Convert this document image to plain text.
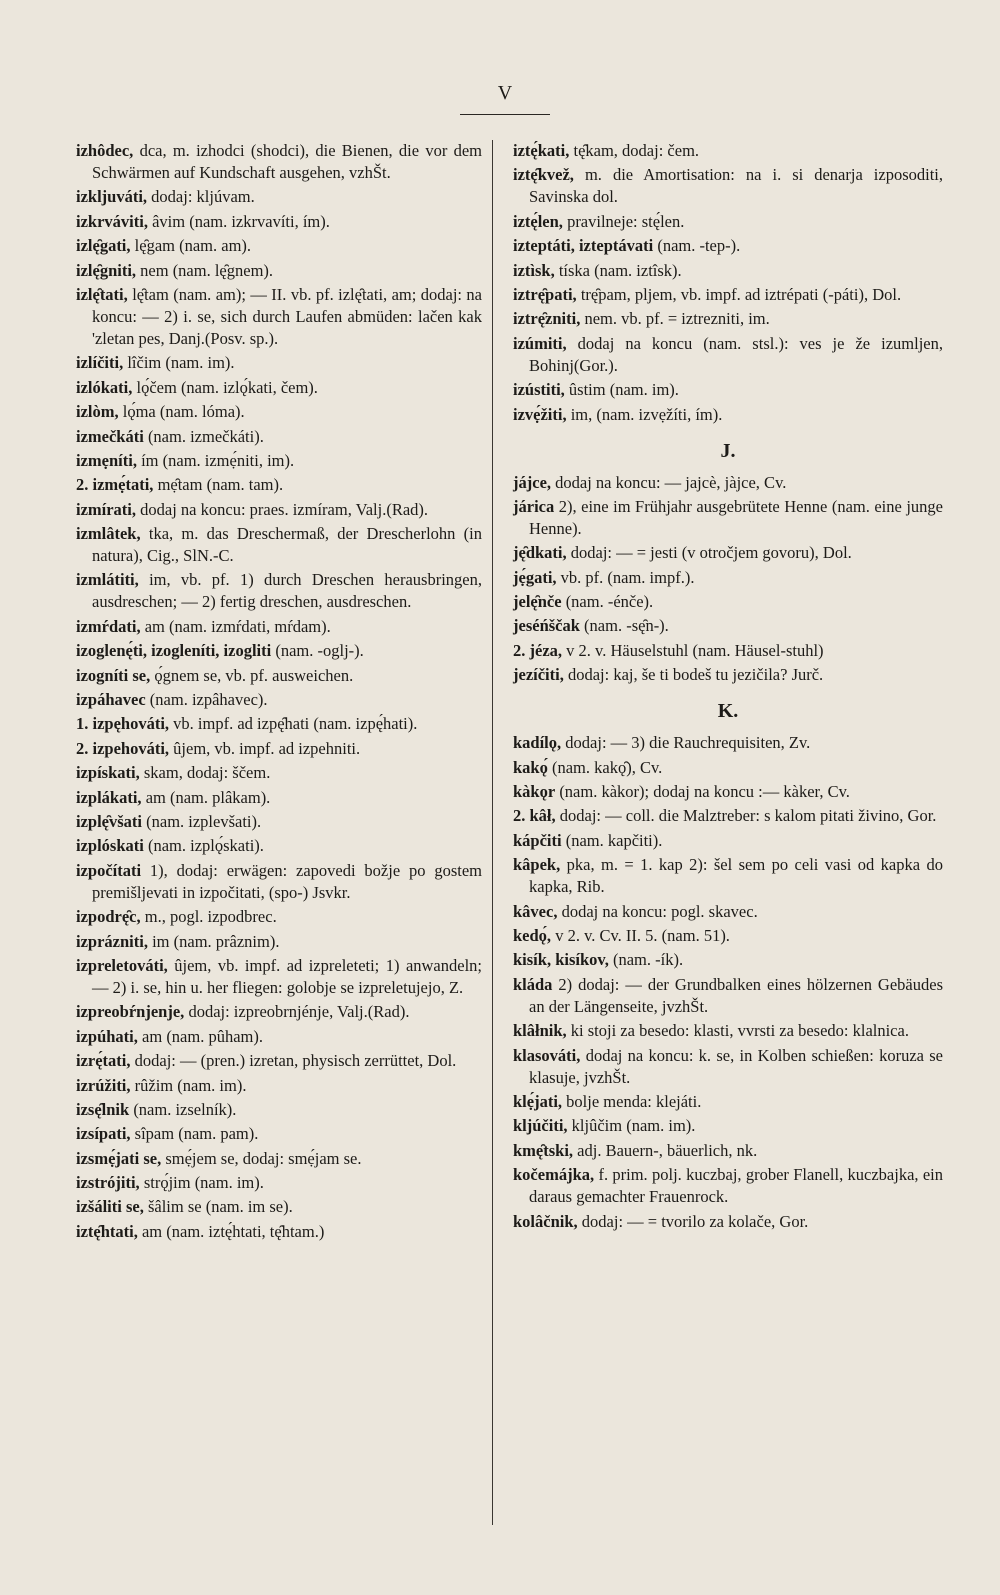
V

izhôdec, dca, m. izhodci (shodci), die Bienen, die vor dem Schwärmen auf Kundschaft ausgehen, vzhŠt.

izkljuváti, dodaj: kljúvam.

izkrváviti, âvim (nam. izkrvavíti, ím).

izlę̑gati, lę̑gam (nam. am).

izlę̑gniti, nem (nam. lę̑gnem).

izlę̑tati, lę̑tam (nam. am); — II. vb. pf. izlę̑tati, am; dodaj: na koncu: — 2) i. se, sich durch Laufen abmüden: lačen kak 'zletan pes, Danj.(Posv. sp.).

izlíčiti, lîčim (nam. im).

izlókati, lǫ́čem (nam. izlǫ́kati, čem).

izlòm, lǫ́ma (nam. lóma).

izmečkáti (nam. izmečkáti).

izmẹníti, ím (nam. izmẹ́niti, im).

2. izmẹ́tati, mẹ̑tam (nam. tam).

izmírati, dodaj na koncu: praes. izmíram, Valj.(Rad).

izmlâtek, tka, m. das Dreschermaß, der Drescherlohn (in natura), Cig., SlN.-C.

izmlátiti, im, vb. pf. 1) durch Dreschen herausbringen, ausdreschen; — 2) fertig dreschen, ausdreschen.

izmŕdati, am (nam. izmŕdati, mŕdam).

izoglenę́ti, izogleníti, izogliti (nam. -oglj-).

izogníti se, ǫ́gnem se, vb. pf. ausweichen.

izpáhavec (nam. izpâhavec).

1. izpęhováti, vb. impf. ad izpę̑hati (nam. izpę́hati).

2. izpehováti, ûjem, vb. impf. ad izpehniti.

izpískati, skam, dodaj: ščem.

izplákati, am (nam. plâkam).

izplę̑všati (nam. izplevšati).

izplóskati (nam. izplǫ́skati).

izpočítati 1), dodaj: erwägen: zapovedi božje po gostem premišljevati in izpočitati, (spo-) Jsvkr.

izpodrę̑c, m., pogl. izpodbrec.

izprázniti, im (nam. prâznim).

izpreletováti, ûjem, vb. impf. ad izpreleteti; 1) anwandeln; — 2) i. se, hin u. her fliegen: golobje se izpreletujejo, Z.

izpreobŕnjenje, dodaj: izpreobrnjénje, Valj.(Rad).

izpúhati, am (nam. pûham).

izrę́tati, dodaj: — (pren.) izretan, physisch zerrüttet, Dol.

izrúžiti, rûžim (nam. im).

izsę̑lnik (nam. izselník).

izsípati, sîpam (nam. pam).

izsmẹ́jati se, smẹ́jem se, dodaj: smẹ́jam se.

izstrójiti, strǫ́jim (nam. im).

izšáliti se, šâlim se (nam. im se).

iztę̑htati, am (nam. iztę́htati, tę̑htam.)

iztę́kati, tę̑kam, dodaj: čem.

iztę̑kvež, m. die Amortisation: na i. si denarja izposoditi, Savinska dol.

iztę́len, pravilneje: stę́len.

izteptáti, izteptávati (nam. -tep-).

iztìsk, tíska (nam. iztîsk).

iztrę̑pati, trę̑pam, pljem, vb. impf. ad iztrépati (-páti), Dol.

iztrę̑zniti, nem. vb. pf. = iztrezniti, im.

izúmiti, dodaj na koncu (nam. stsl.): ves je že izumljen, Bohinj(Gor.).

izústiti, ûstim (nam. im).

izvẹ́žiti, im, (nam. izvẹžíti, ím).

J.

jájce, dodaj na koncu: — jajcè, jàjce, Cv.

járica 2), eine im Frühjahr ausgebrütete Henne (nam. eine junge Henne).

ję̑dkati, dodaj: — = jesti (v otročjem govoru), Dol.

jẹ́gati, vb. pf. (nam. impf.).

jelę̑nče (nam. -énče).

jeséńščak (nam. -sę̑n-).

2. jéza, v 2. v. Häuselstuhl (nam. Häusel-stuhl)

jezíčiti, dodaj: kaj, še ti bodeš tu jezičila? Jurč.

K.

kadílǫ, dodaj: — 3) die Rauchrequisiten, Zv.

kakǫ́ (nam. kakǫ̑), Cv.

kàkǫr (nam. kàkor); dodaj na koncu :— kàker, Cv.

2. kâł, dodaj: — coll. die Malztreber: s kalom pitati živino, Gor.

kápčiti (nam. kapčiti).

kâpek, pka, m. = 1. kap 2): šel sem po celi vasi od kapka do kapka, Rib.

kâvec, dodaj na koncu: pogl. skavec.

kedǫ́, v 2. v. Cv. II. 5. (nam. 51).

kisík, kisíkov, (nam. -ík).

kláda 2) dodaj: — der Grundbalken eines hölzernen Gebäudes an der Längenseite, jvzhŠt.

klâłnik, ki stoji za besedo: klasti, vvrsti za besedo: klalnica.

klasováti, dodaj na koncu: k. se, in Kolben schießen: koruza se klasuje, jvzhŠt.

klẹ́jati, bolje menda: klejáti.

kljúčiti, kljûčim (nam. im).

kmę̑tski, adj. Bauern-, bäuerlich, nk.

kočemájka, f. prim. polj. kuczbaj, grober Flanell, kuczbajka, ein daraus gemachter Frauenrock.

kolâčnik, dodaj: — = tvorilo za kolače, Gor.
